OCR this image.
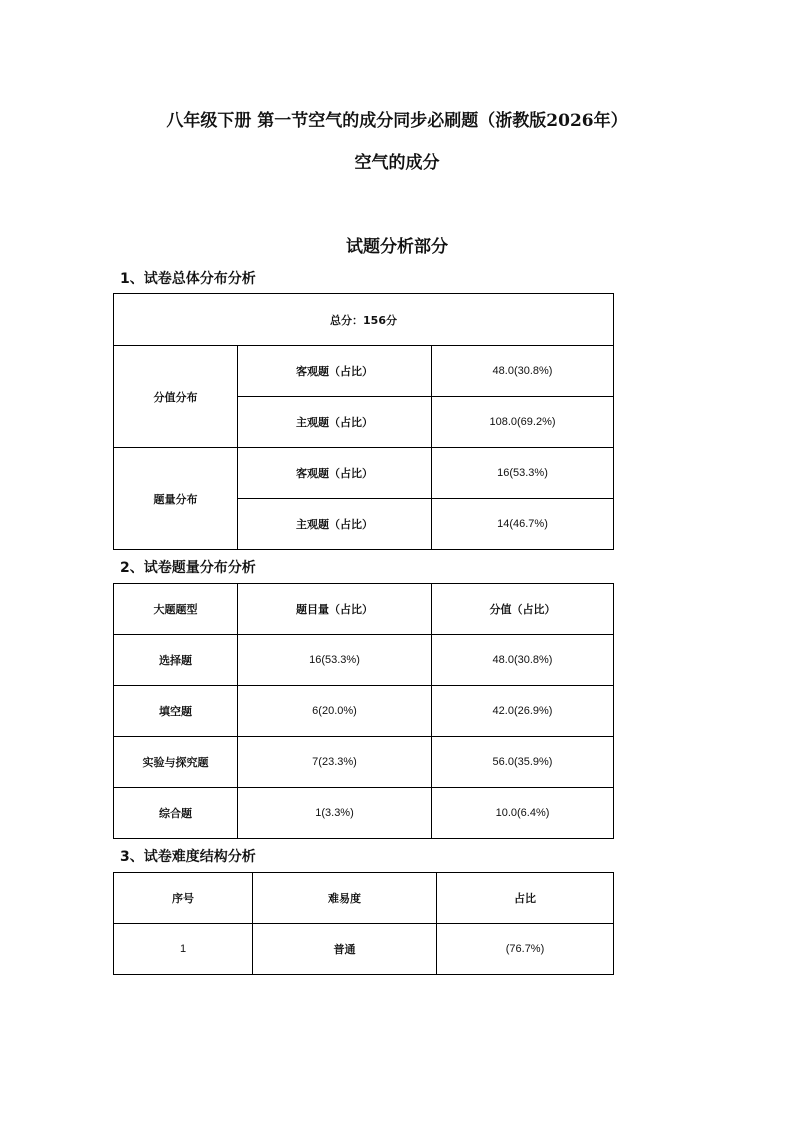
八年级下册 第一节空气的成分同步必刷题（浙教版2026年）
空气的成分
试题分析部分
1、试卷总体分布分析
总分：156分		
分值分布	客观题（占比）	48.0(30.8%)
	主观题（占比）	108.0(69.2%)
题量分布	客观题（占比）	16(53.3%)
	主观题（占比）	14(46.7%)
2、试卷题量分布分析
大题题型	题目量（占比）	分值（占比）
选择题	16(53.3%)	48.0(30.8%)
填空题	6(20.0%)	42.0(26.9%)
实验与探究题	7(23.3%)	56.0(35.9%)
综合题	1(3.3%)	10.0(6.4%)
3、试卷难度结构分析
序号	难易度	占比
1	普通	(76.7%)
